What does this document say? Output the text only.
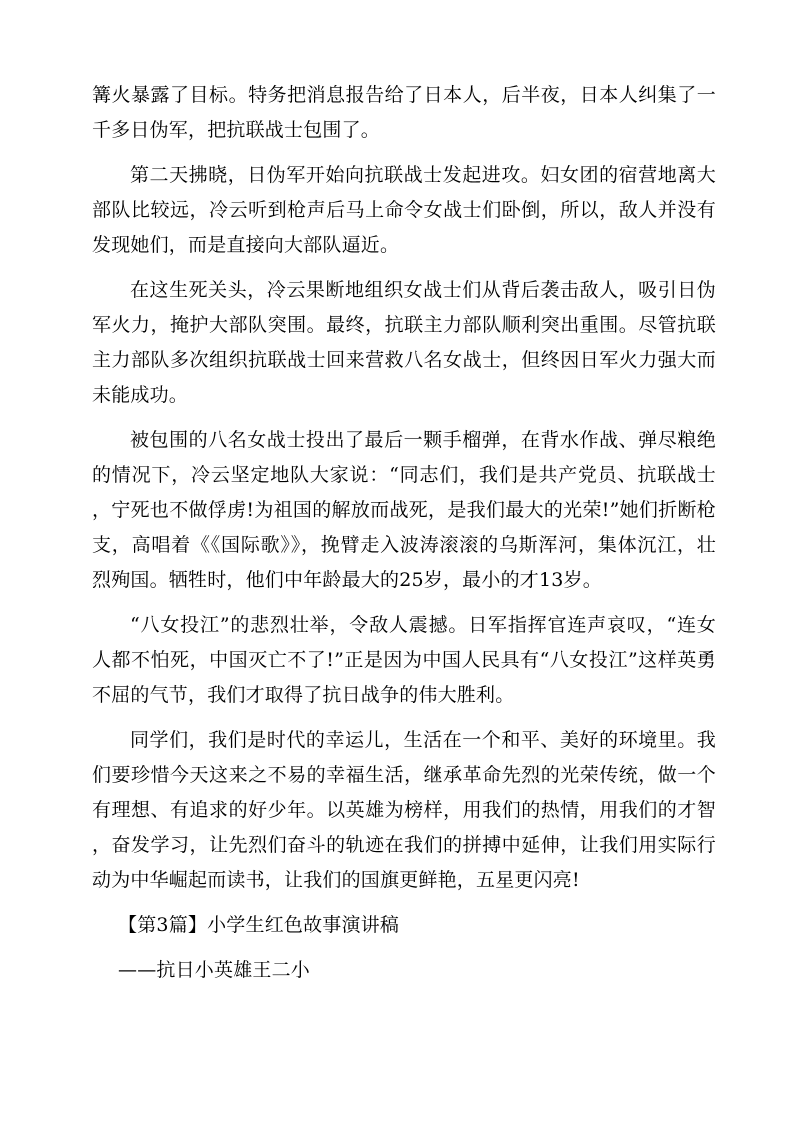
篝火暴露了目标。特务把消息报告给了日本人，后半夜，日本人纠集了一千多日伪军，把抗联战士包围了。

第二天拂晓，日伪军开始向抗联战士发起进攻。妇女团的宿营地离大部队比较远，冷云听到枪声后马上命令女战士们卧倒，所以，敌人并没有发现她们，而是直接向大部队逼近。

在这生死关头，冷云果断地组织女战士们从背后袭击敌人，吸引日伪军火力，掩护大部队突围。最终，抗联主力部队顺利突出重围。尽管抗联主力部队多次组织抗联战士回来营救八名女战士，但终因日军火力强大而未能成功。

被包围的八名女战士投出了最后一颗手榴弹，在背水作战、弹尽粮绝的情况下，冷云坚定地队大家说：“同志们，我们是共产党员、抗联战士，宁死也不做俘虏!为祖国的解放而战死，是我们最大的光荣!”她们折断枪支，高唱着《《国际歌》》，挽臂走入波涛滚滚的乌斯浑河，集体沉江，壮烈殉国。牺牲时，他们中年龄最大的25岁，最小的才13岁。

“八女投江”的悲烈壮举，令敌人震撼。日军指挥官连声哀叹，“连女人都不怕死，中国灭亡不了!”正是因为中国人民具有“八女投江”这样英勇不屈的气节，我们才取得了抗日战争的伟大胜利。

同学们，我们是时代的幸运儿，生活在一个和平、美好的环境里。我们要珍惜今天这来之不易的幸福生活，继承革命先烈的光荣传统，做一个有理想、有追求的好少年。以英雄为榜样，用我们的热情，用我们的才智，奋发学习，让先烈们奋斗的轨迹在我们的拼搏中延伸，让我们用实际行动为中华崛起而读书，让我们的国旗更鲜艳，五星更闪亮!

【第3篇】小学生红色故事演讲稿

——抗日小英雄王二小
